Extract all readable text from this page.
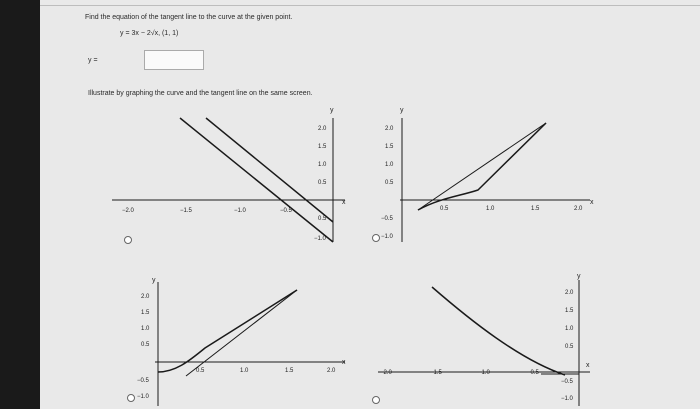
Find the equation of the tangent line to the curve at the given point.
y = 3x − 2√x, (1, 1)
y =
Illustrate by graphing the curve and the tangent line on the same screen.
y
−2.0	−1.5	−1.0	−0.5
2.0
1.5
1.0
0.5
0.5
−1.0
x
y
2.0
1.5
1.0
0.5
−0.5
−1.0
0.5	1.0	1.5	2.0
x
y
2.0
1.5
1.0
0.5
−0.5
−1.0
0.5	1.0	1.5	2.0
x
y
2.0
1.5
1.0
0.5
−0.5
−1.0
−2.0	−1.5	−1.0	−0.5
x
